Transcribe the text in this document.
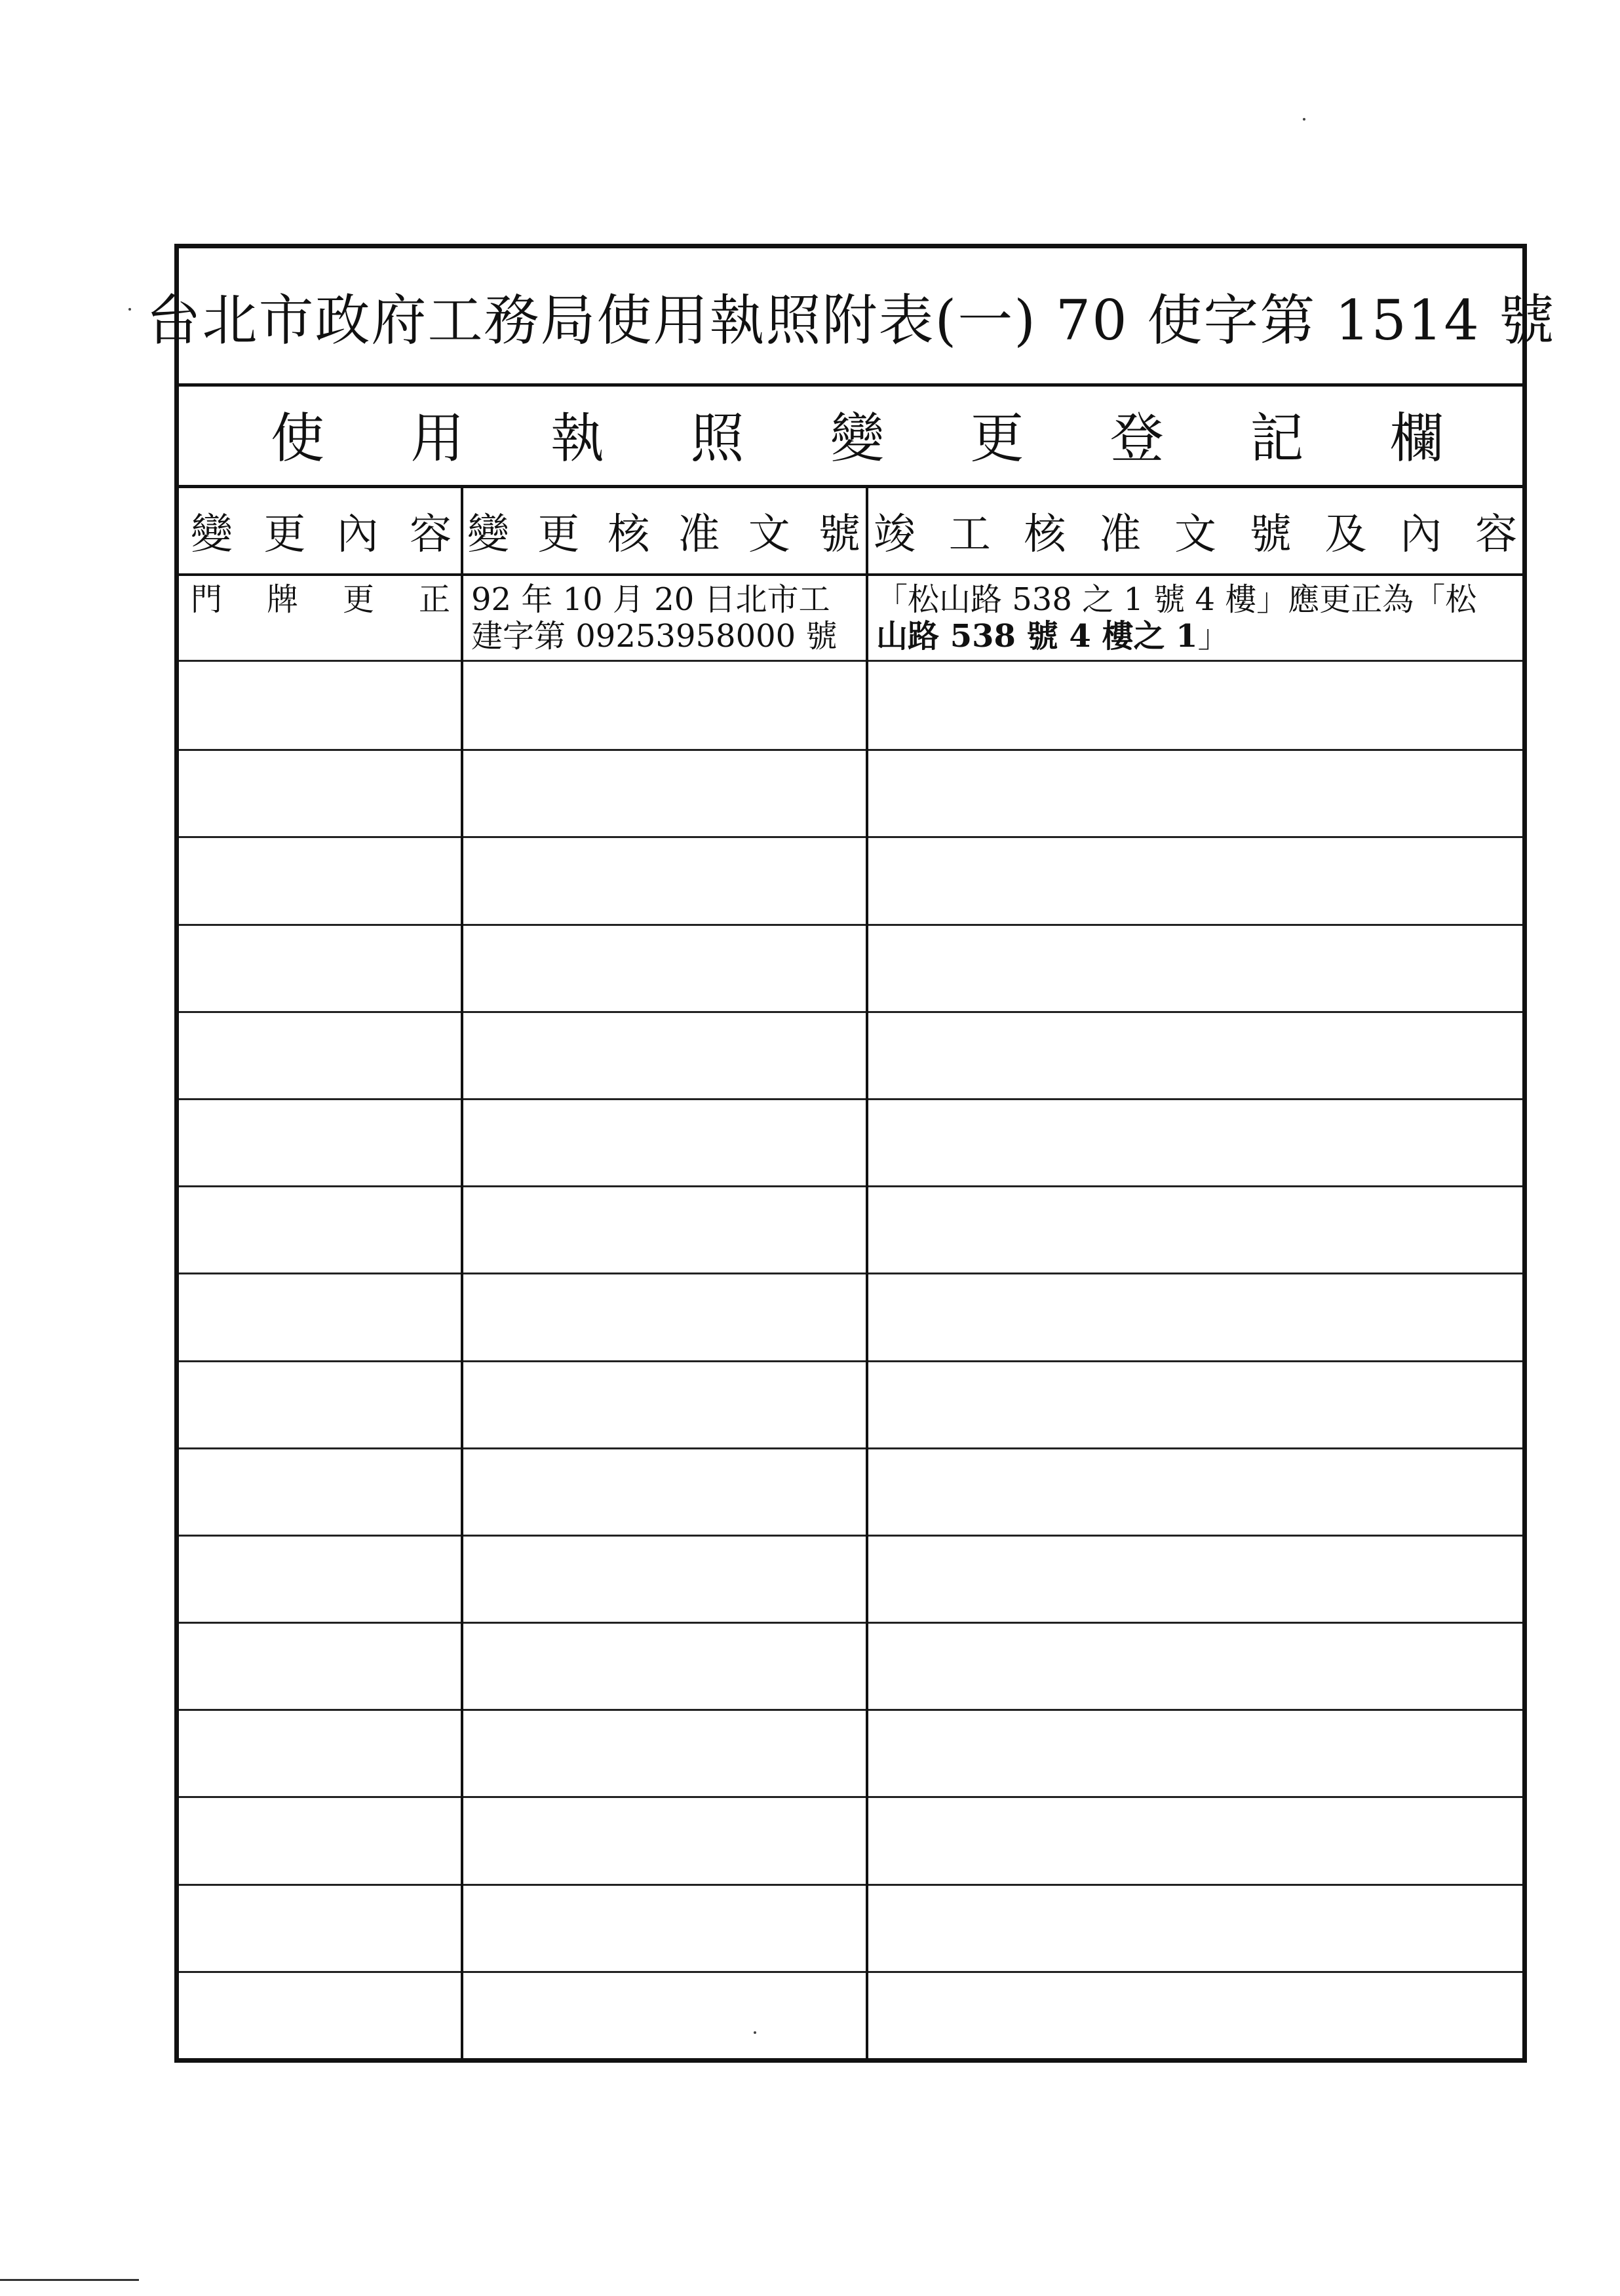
台北市政府工務局使用執照附表(一) 70 使字第 1514 號
使 用 執 照 變 更 登 記 欄
變 更 內 容 變 更 核 准 文 號 竣 工 核 准 文 號 及 內 容
門 牌 更 正 92 年 10 月 20 日北市工
建字第 09253958000 號
「松山路 538 之 1 號 4 樓」應更正為「松
山路 538 號 4 樓之 1」
